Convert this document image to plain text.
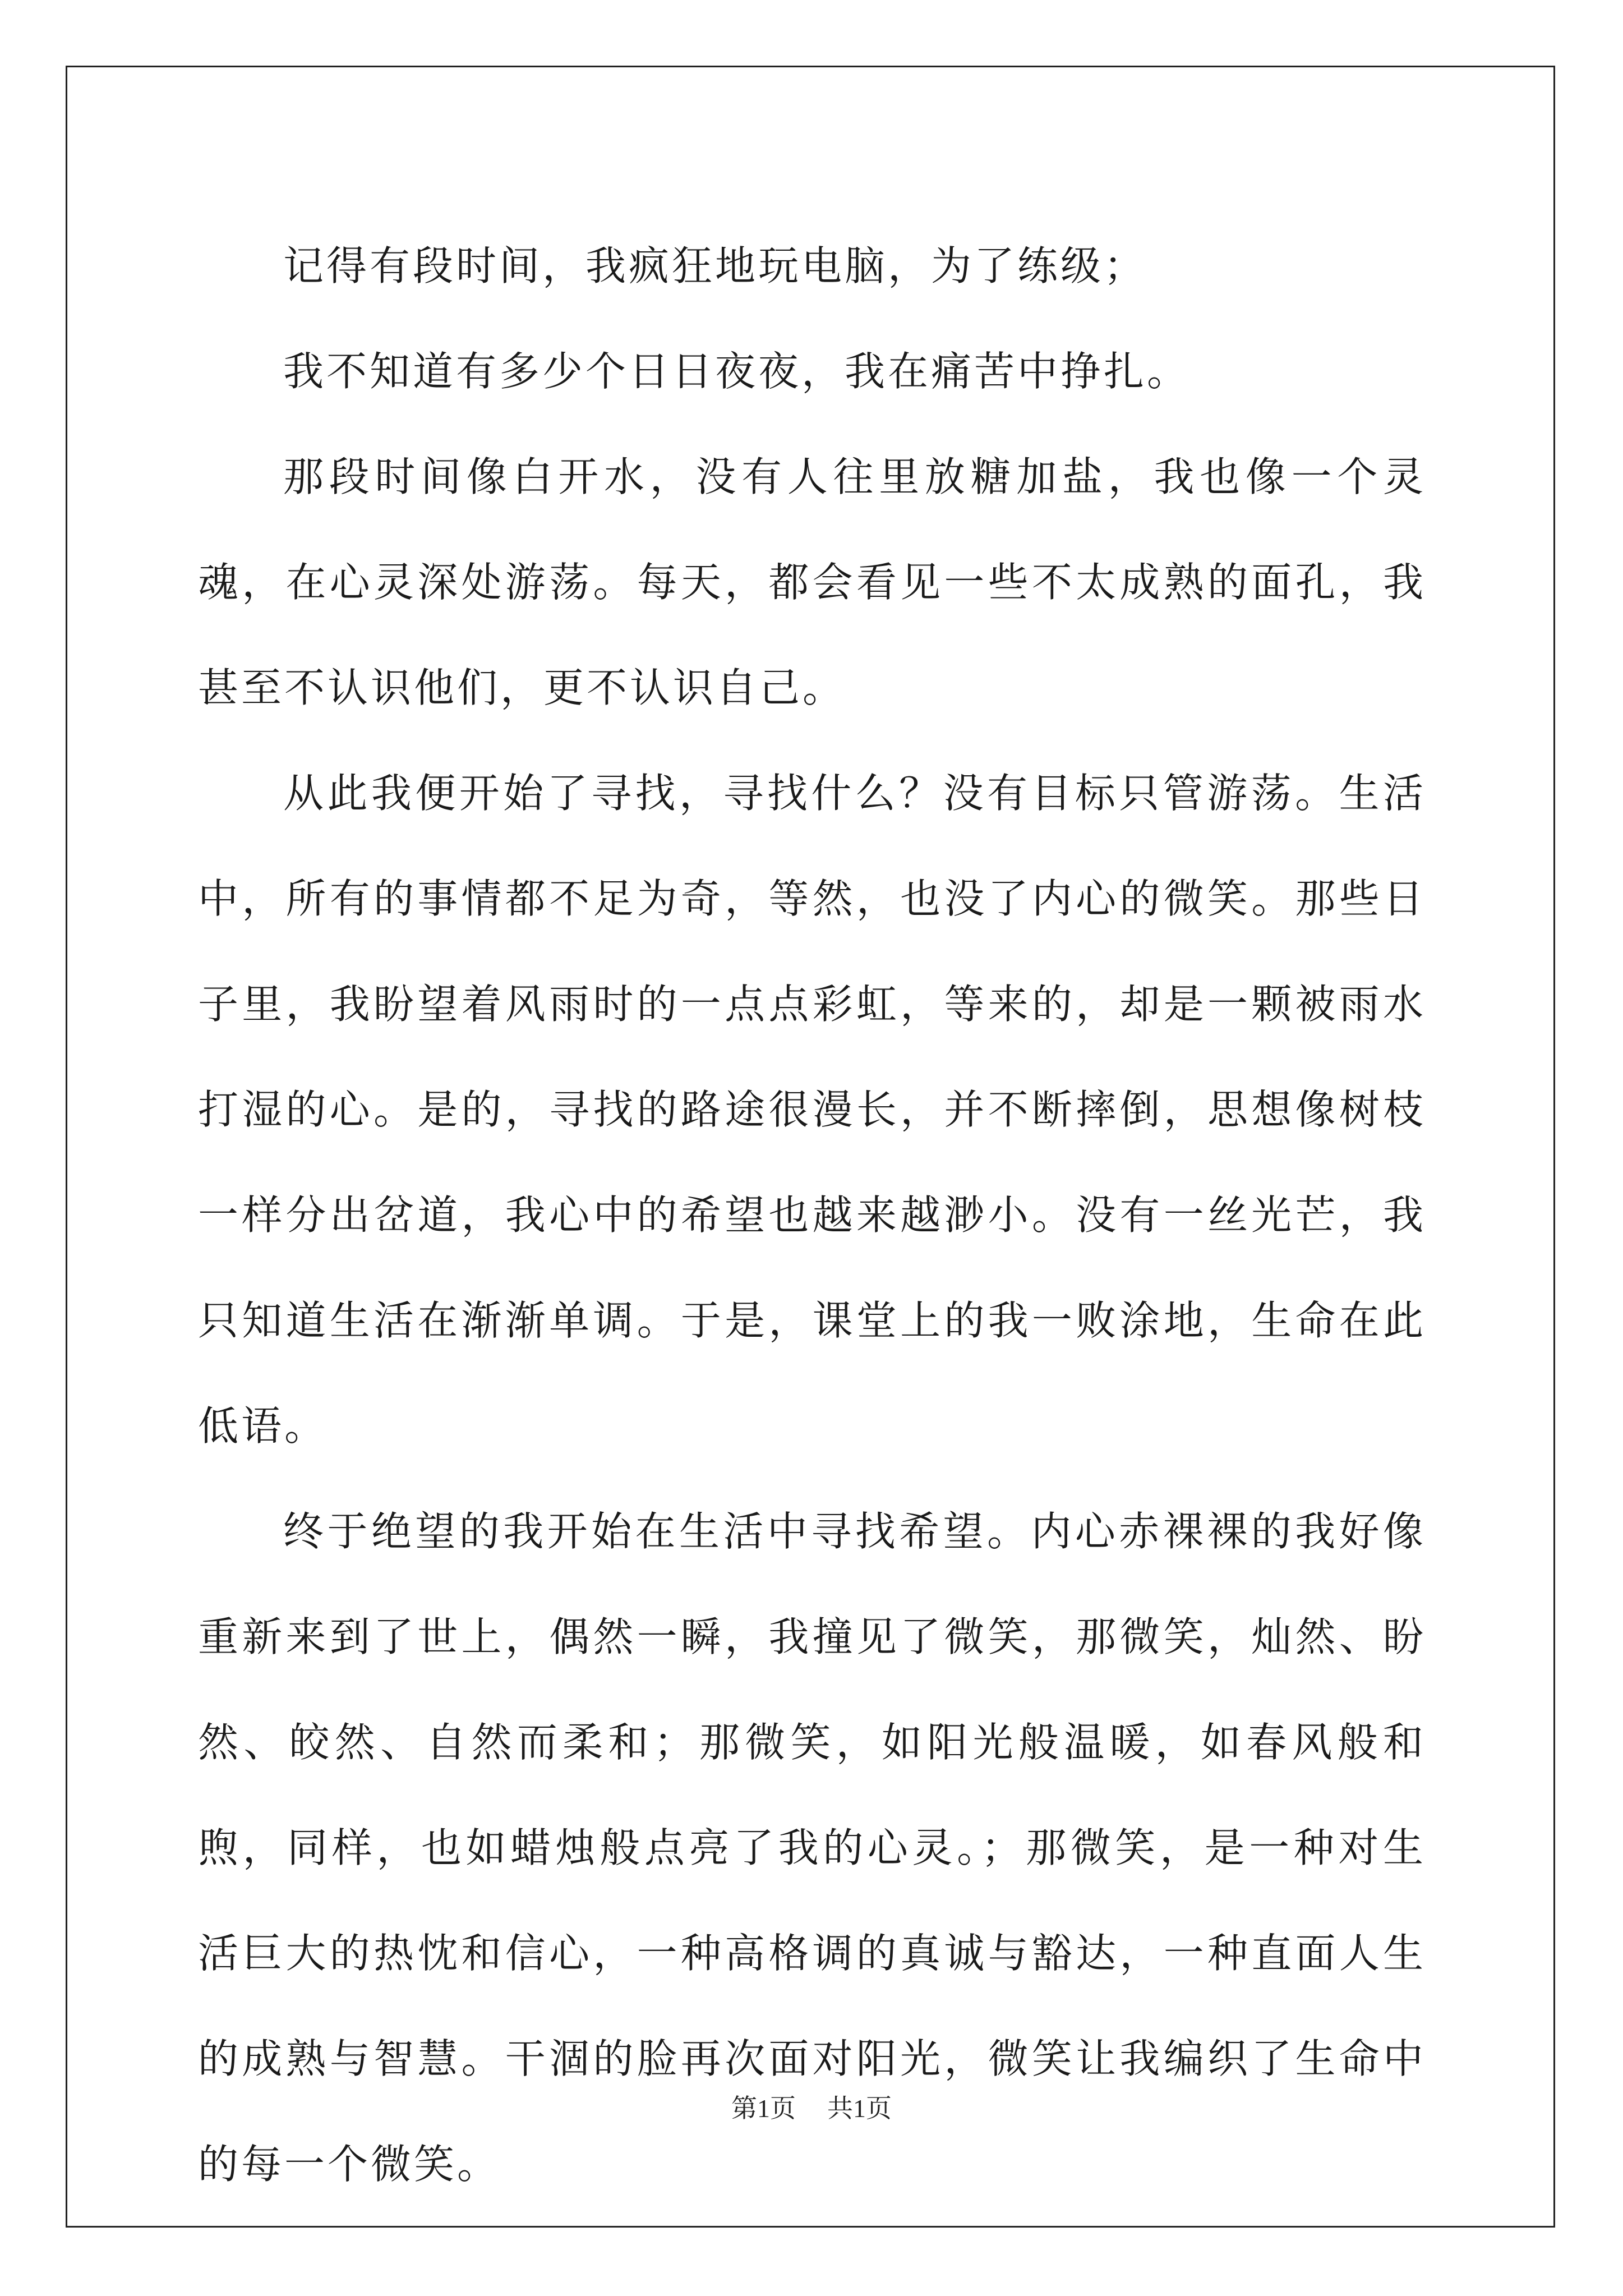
记得有段时间，我疯狂地玩电脑，为了练级；

我不知道有多少个日日夜夜，我在痛苦中挣扎。

那段时间像白开水，没有人往里放糖加盐，我也像一个灵魂，在心灵深处游荡。每天，都会看见一些不太成熟的面孔，我甚至不认识他们，更不认识自己。

从此我便开始了寻找，寻找什么？没有目标只管游荡。生活中，所有的事情都不足为奇，等然，也没了内心的微笑。那些日子里，我盼望着风雨时的一点点彩虹，等来的，却是一颗被雨水打湿的心。是的，寻找的路途很漫长，并不断摔倒，思想像树枝一样分出岔道，我心中的希望也越来越渺小。没有一丝光芒，我只知道生活在渐渐单调。于是，课堂上的我一败涂地，生命在此低语。

终于绝望的我开始在生活中寻找希望。内心赤裸裸的我好像重新来到了世上，偶然一瞬，我撞见了微笑，那微笑，灿然、盼然、皎然、自然而柔和；那微笑，如阳光般温暖，如春风般和煦，同样，也如蜡烛般点亮了我的心灵。；那微笑，是一种对生活巨大的热忱和信心，一种高格调的真诚与豁达，一种直面人生的成熟与智慧。干涸的脸再次面对阳光，微笑让我编织了生命中的每一个微笑。

第1页 共1页
